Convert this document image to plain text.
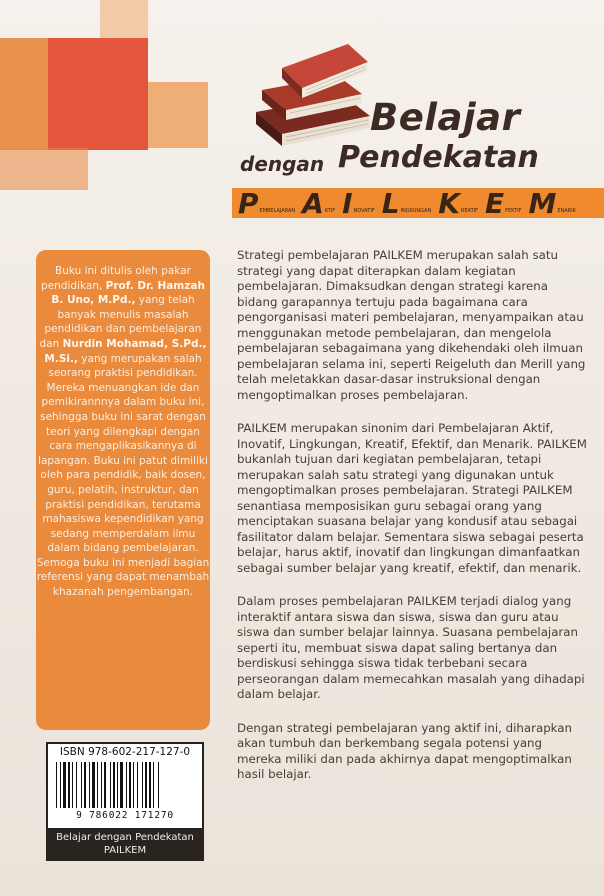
Belajar
dengan Pendekatan
P EMBELAJARAN A KTIF I NOVATIF L INGKUNGAN K REATIF E FEKTIF M ENARIK

Buku ini ditulis oleh pakar pendidikan, Prof. Dr. Hamzah B. Uno, M.Pd., yang telah banyak menulis masalah pendidikan dan pembelajaran dan Nurdin Mohamad, S.Pd., M.Si., yang merupakan salah seorang praktisi pendidikan. Mereka menuangkan ide dan pemikirannnya dalam buku ini, sehingga buku ini sarat dengan teori yang dilengkapi dengan cara mengaplikasikannya di lapangan. Buku ini patut dimiliki oleh para pendidik, baik dosen, guru, pelatih, instruktur, dan praktisi pendidikan, terutama mahasiswa kependidikan yang sedang memperdalam ilmu dalam bidang pembelajaran. Semoga buku ini menjadi bagian referensi yang dapat menambah khazanah pengembangan.

Strategi pembelajaran PAILKEM merupakan salah satu strategi yang dapat diterapkan dalam kegiatan pembelajaran. Dimaksudkan dengan strategi karena bidang garapannya tertuju pada bagaimana cara pengorganisasi materi pembelajaran, menyampaikan atau menggunakan metode pembelajaran, dan mengelola pembelajaran sebagaimana yang dikehendaki oleh ilmuan pembelajaran selama ini, seperti Reigeluth dan Merill yang telah meletakkan dasar-dasar instruksional dengan mengoptimalkan proses pembelajaran.

PAILKEM merupakan sinonim dari Pembelajaran Aktif, Inovatif, Lingkungan, Kreatif, Efektif, dan Menarik. PAILKEM bukanlah tujuan dari kegiatan pembelajaran, tetapi merupakan salah satu strategi yang digunakan untuk mengoptimalkan proses pembelajaran. Strategi PAILKEM senantiasa memposisikan guru sebagai orang yang menciptakan suasana belajar yang kondusif atau sebagai fasilitator dalam belajar. Sementara siswa sebagai peserta belajar, harus aktif, inovatif dan lingkungan dimanfaatkan sebagai sumber belajar yang kreatif, efektif, dan menarik.

Dalam proses pembelajaran PAILKEM terjadi dialog yang interaktif antara siswa dan siswa, siswa dan guru atau siswa dan sumber belajar lainnya. Suasana pembelajaran seperti itu, membuat siswa dapat saling bertanya dan berdiskusi sehingga siswa tidak terbebani secara perseorangan dalam memecahkan masalah yang dihadapi dalam belajar.

Dengan strategi pembelajaran yang aktif ini, diharapkan akan tumbuh dan berkembang segala potensi yang mereka miliki dan pada akhirnya dapat mengoptimalkan hasil belajar.

ISBN 978-602-217-127-0
9 786022 171270
Belajar dengan Pendekatan
PAILKEM
